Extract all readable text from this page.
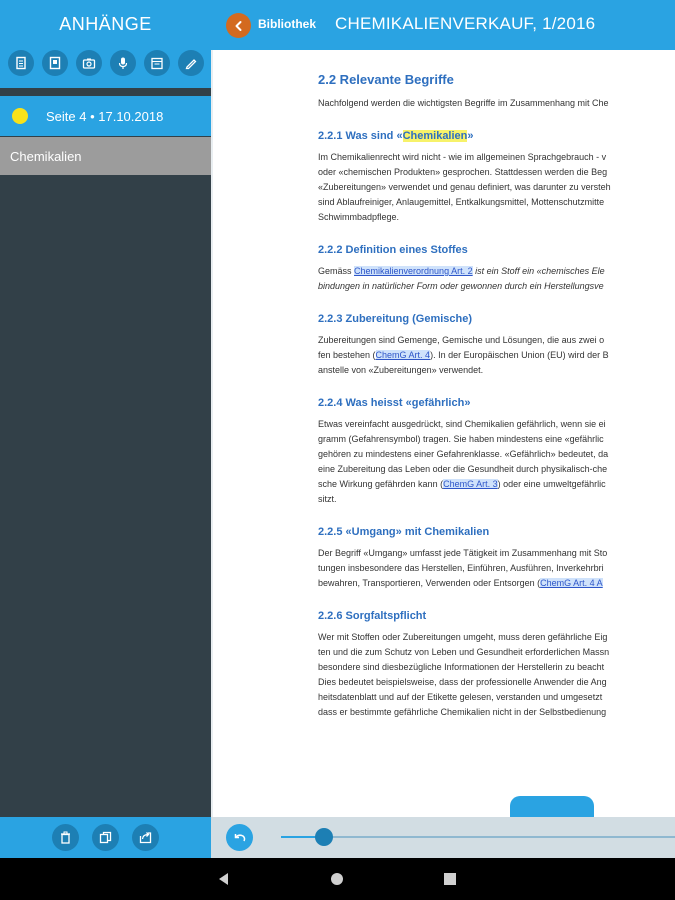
ANHÄNGE
Seite 4 • 17.10.2018
Chemikalien
Bibliothek CHEMIKALIENVERKAUF, 1/2016
2.2 Relevante Begriffe
Nachfolgend werden die wichtigsten Begriffe im Zusammenhang mit Che
2.2.1 Was sind «Chemikalien»
Im Chemikalienrecht wird nicht - wie im allgemeinen Sprachgebrauch - v
oder «chemischen Produkten» gesprochen. Stattdessen werden die Beg
«Zubereitungen» verwendet und genau definiert, was darunter zu versteh
sind Ablaufreiniger, Anlaugemittel, Entkalkungsmittel, Mottenschutzmitte
Schwimmbadpflege.
2.2.2 Definition eines Stoffes
Gemäss Chemikalienverordnung Art. 2 ist ein Stoff ein «chemisches Ele
bindungen in natürlicher Form oder gewonnen durch ein Herstellungsve
2.2.3 Zubereitung (Gemische)
Zubereitungen sind Gemenge, Gemische und Lösungen, die aus zwei o
fen bestehen (ChemG Art. 4). In der Europäischen Union (EU) wird der B
anstelle von «Zubereitungen» verwendet.
2.2.4 Was heisst «gefährlich»
Etwas vereinfacht ausgedrückt, sind Chemikalien gefährlich, wenn sie ei
gramm (Gefahrensymbol) tragen. Sie haben mindestens eine «gefährlic
gehören zu mindestens einer Gefahrenklasse. «Gefährlich» bedeutet, da
eine Zubereitung das Leben oder die Gesundheit durch physikalisch-che
sche Wirkung gefährden kann (ChemG Art. 3) oder eine umweltgefährlic
sitzt.
2.2.5 «Umgang» mit Chemikalien
Der Begriff «Umgang» umfasst jede Tätigkeit im Zusammenhang mit Sto
tungen insbesondere das Herstellen, Einführen, Ausführen, Inverkehrbri
bewahren, Transportieren, Verwenden oder Entsorgen (ChemG Art. 4 A
2.2.6 Sorgfaltspflicht
Wer mit Stoffen oder Zubereitungen umgeht, muss deren gefährliche Eig
ten und die zum Schutz von Leben und Gesundheit erforderlichen Massn
besondere sind diesbezügliche Informationen der Herstellerin zu beacht
Dies bedeutet beispielsweise, dass der professionelle Anwender die Ang
heitsdatenblatt und auf der Etikette gelesen, verstanden und umgesetzt
dass er bestimmte gefährliche Chemikalien nicht in der Selbstbedienung
